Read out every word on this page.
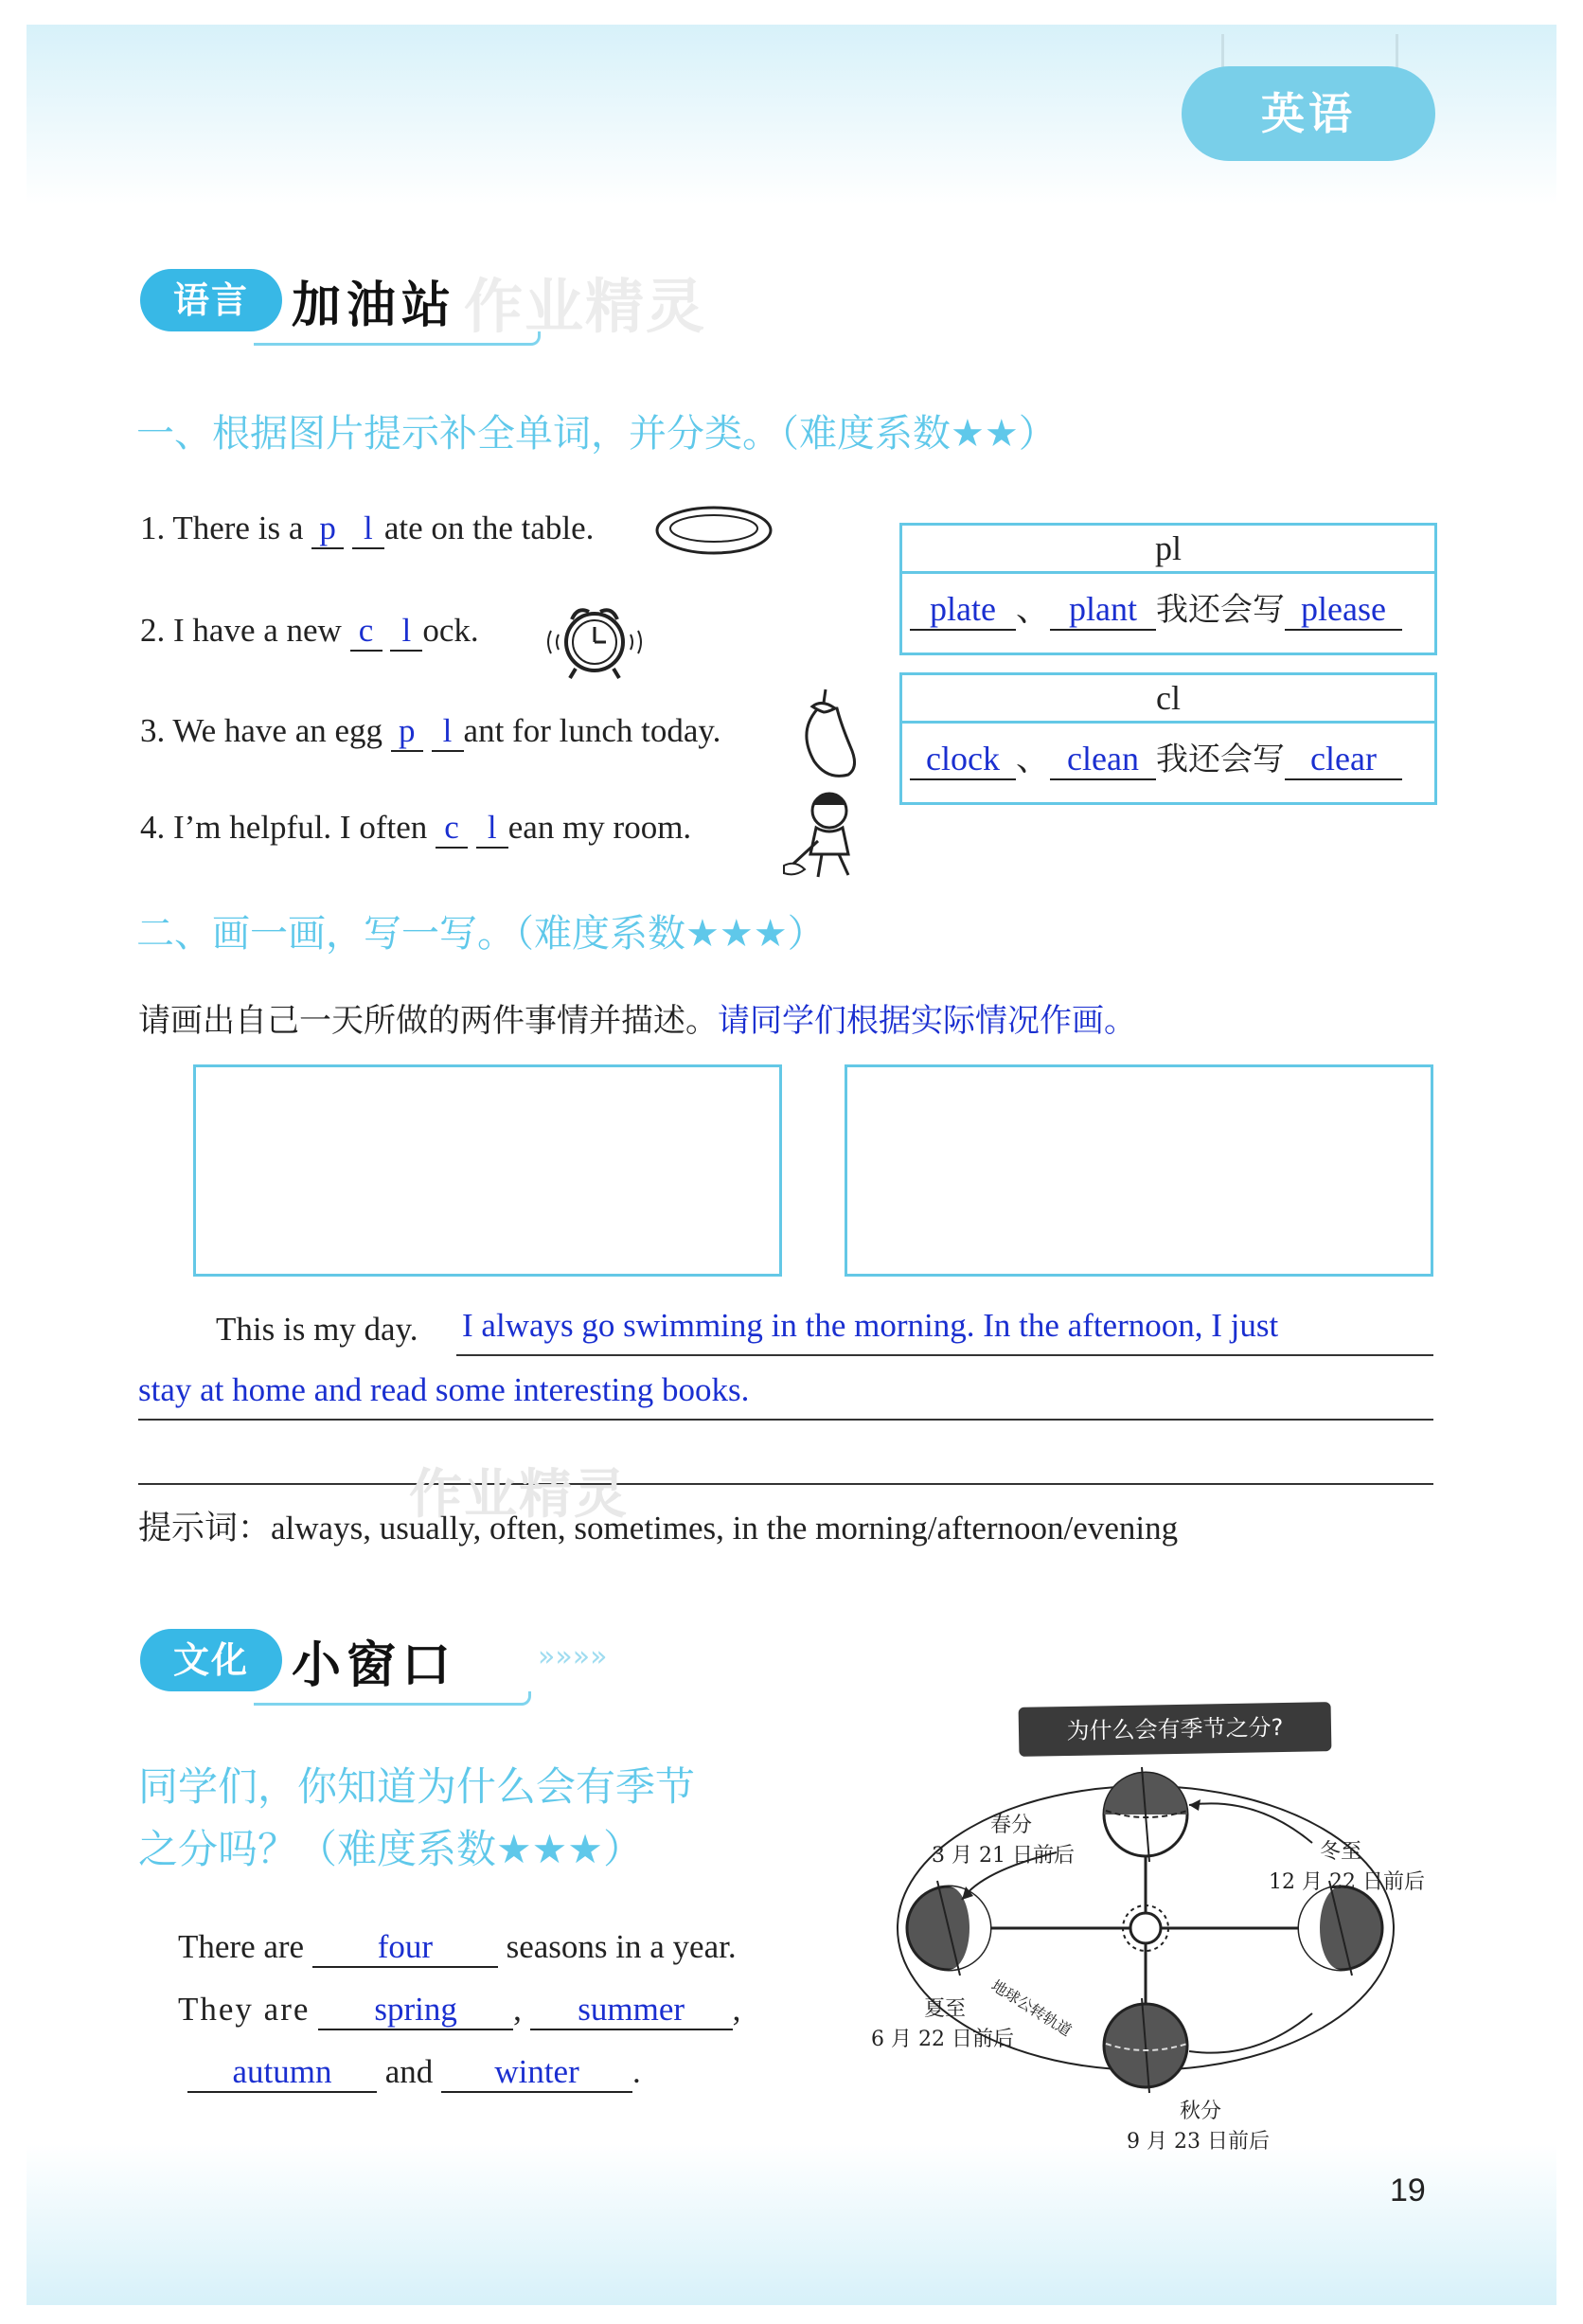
英语
语言 加油站 作业精灵
一、根据图片提示补全单词，并分类。（难度系数★★）
1. There is a p l ate on the table.
2. I have a new c l ock.
3. We have an egg p l ant for lunch today.
4. I’m helpful. I often c l ean my room.
pl
plate 、 plant 我还会写 please
cl
clock 、 clean 我还会写 clear
二、画一画，写一写。（难度系数★★★）
请画出自己一天所做的两件事情并描述。请同学们根据实际情况作画。
This is my day. I always go swimming in the morning. In the afternoon, I just
stay at home and read some interesting books.
作业精灵
提示词：always, usually, often, sometimes, in the morning/afternoon/evening
文化 小窗口	»»»»
同学们，你知道为什么会有季节
之分吗？（难度系数★★★）
There are four seasons in a year.
They are spring , summer ,
autumn and winter .
为什么会有季节之分?
春分
3 月 21 日前后	冬至
12 月 22 日前后
夏至
6 月 22 日前后
秋分
9 月 23 日前后
地球公转轨道
19
